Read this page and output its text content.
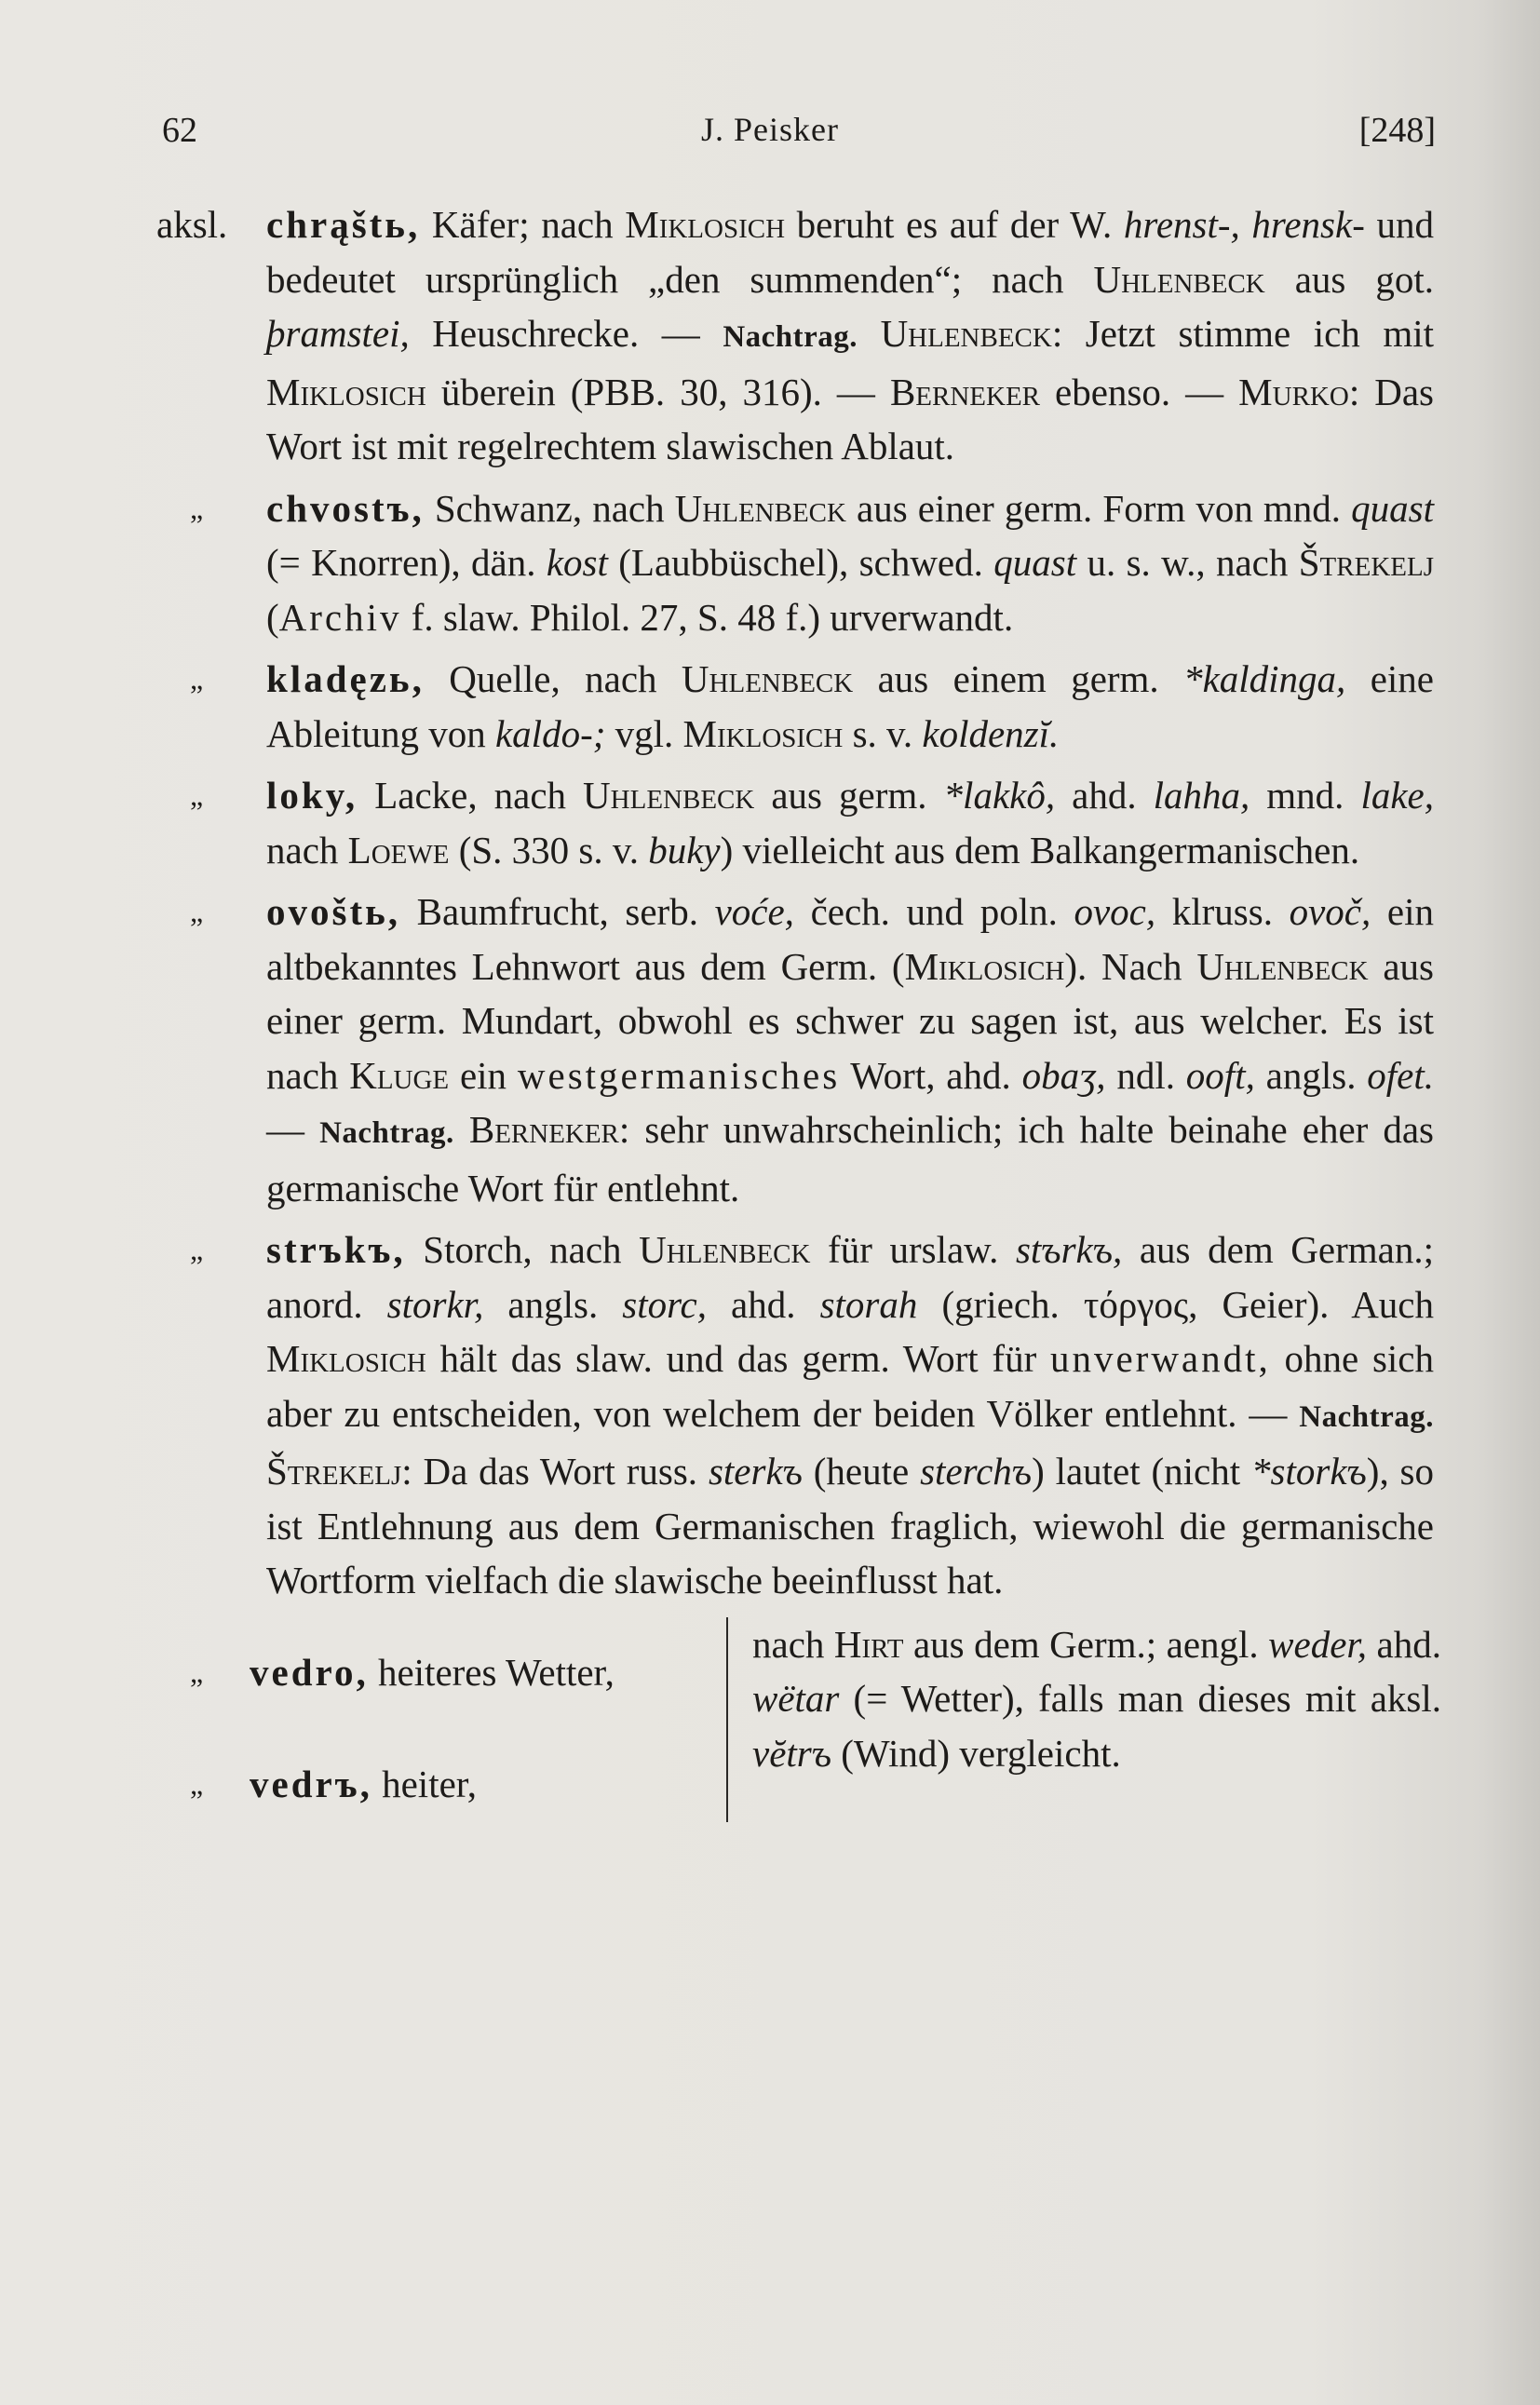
62	J. Peisker	[248]
aksl. chrąštь, Käfer; nach Miklosich beruht es auf der W. hrenst-, hrensk- und bedeutet ursprünglich „den summenden“; nach Uhlenbeck aus got. þramstei, Heuschrecke. — Nachtrag. Uhlenbeck: Jetzt stimme ich mit Miklosich überein (PBB. 30, 316). — Berneker ebenso. — Murko: Das Wort ist mit regelrechtem slawischen Ablaut.
„ chvostъ, Schwanz, nach Uhlenbeck aus einer germ. Form von mnd. quast (= Knorren), dän. kost (Laubbüschel), schwed. quast u. s. w., nach Štrekelj (Archiv f. slaw. Philol. 27, S. 48 f.) urverwandt.
„ kladęzь, Quelle, nach Uhlenbeck aus einem germ. *kaldinga, eine Ableitung von kaldo-; vgl. Miklosich s. v. koldenzĭ.
„ loky, Lacke, nach Uhlenbeck aus germ. *lakkô, ahd. lahha, mnd. lake, nach Loewe (S. 330 s. v. buky) vielleicht aus dem Balkangermanischen.
„ ovoštь, Baumfrucht, serb. voće, čech. und poln. ovoc, klruss. ovoč, ein altbekanntes Lehnwort aus dem Germ. (Miklosich). Nach Uhlenbeck aus einer germ. Mundart, obwohl es schwer zu sagen ist, aus welcher. Es ist nach Kluge ein westgermanisches Wort, ahd. obaʒ, ndl. ooft, angls. ofet. — Nachtrag. Berneker: sehr unwahrscheinlich; ich halte beinahe eher das germanische Wort für entlehnt.
„ strъkъ, Storch, nach Uhlenbeck für urslaw. stъrkъ, aus dem German.; anord. storkr, angls. storc, ahd. storah (griech. τόργος, Geier). Auch Miklosich hält das slaw. und das germ. Wort für unverwandt, ohne sich aber zu entscheiden, von welchem der beiden Völker entlehnt. — Nachtrag. Štrekelj: Da das Wort russ. sterkъ (heute sterchъ) lautet (nicht *storkъ), so ist Entlehnung aus dem Germanischen fraglich, wiewohl die germanische Wortform vielfach die slawische beeinflusst hat.
„ vedro, heiteres Wetter,
„ vedrъ, heiter,
nach Hirt aus dem Germ.; aengl. weder, ahd. wëtar (= Wetter), falls man dieses mit aksl. vĕtrъ (Wind) vergleicht.
